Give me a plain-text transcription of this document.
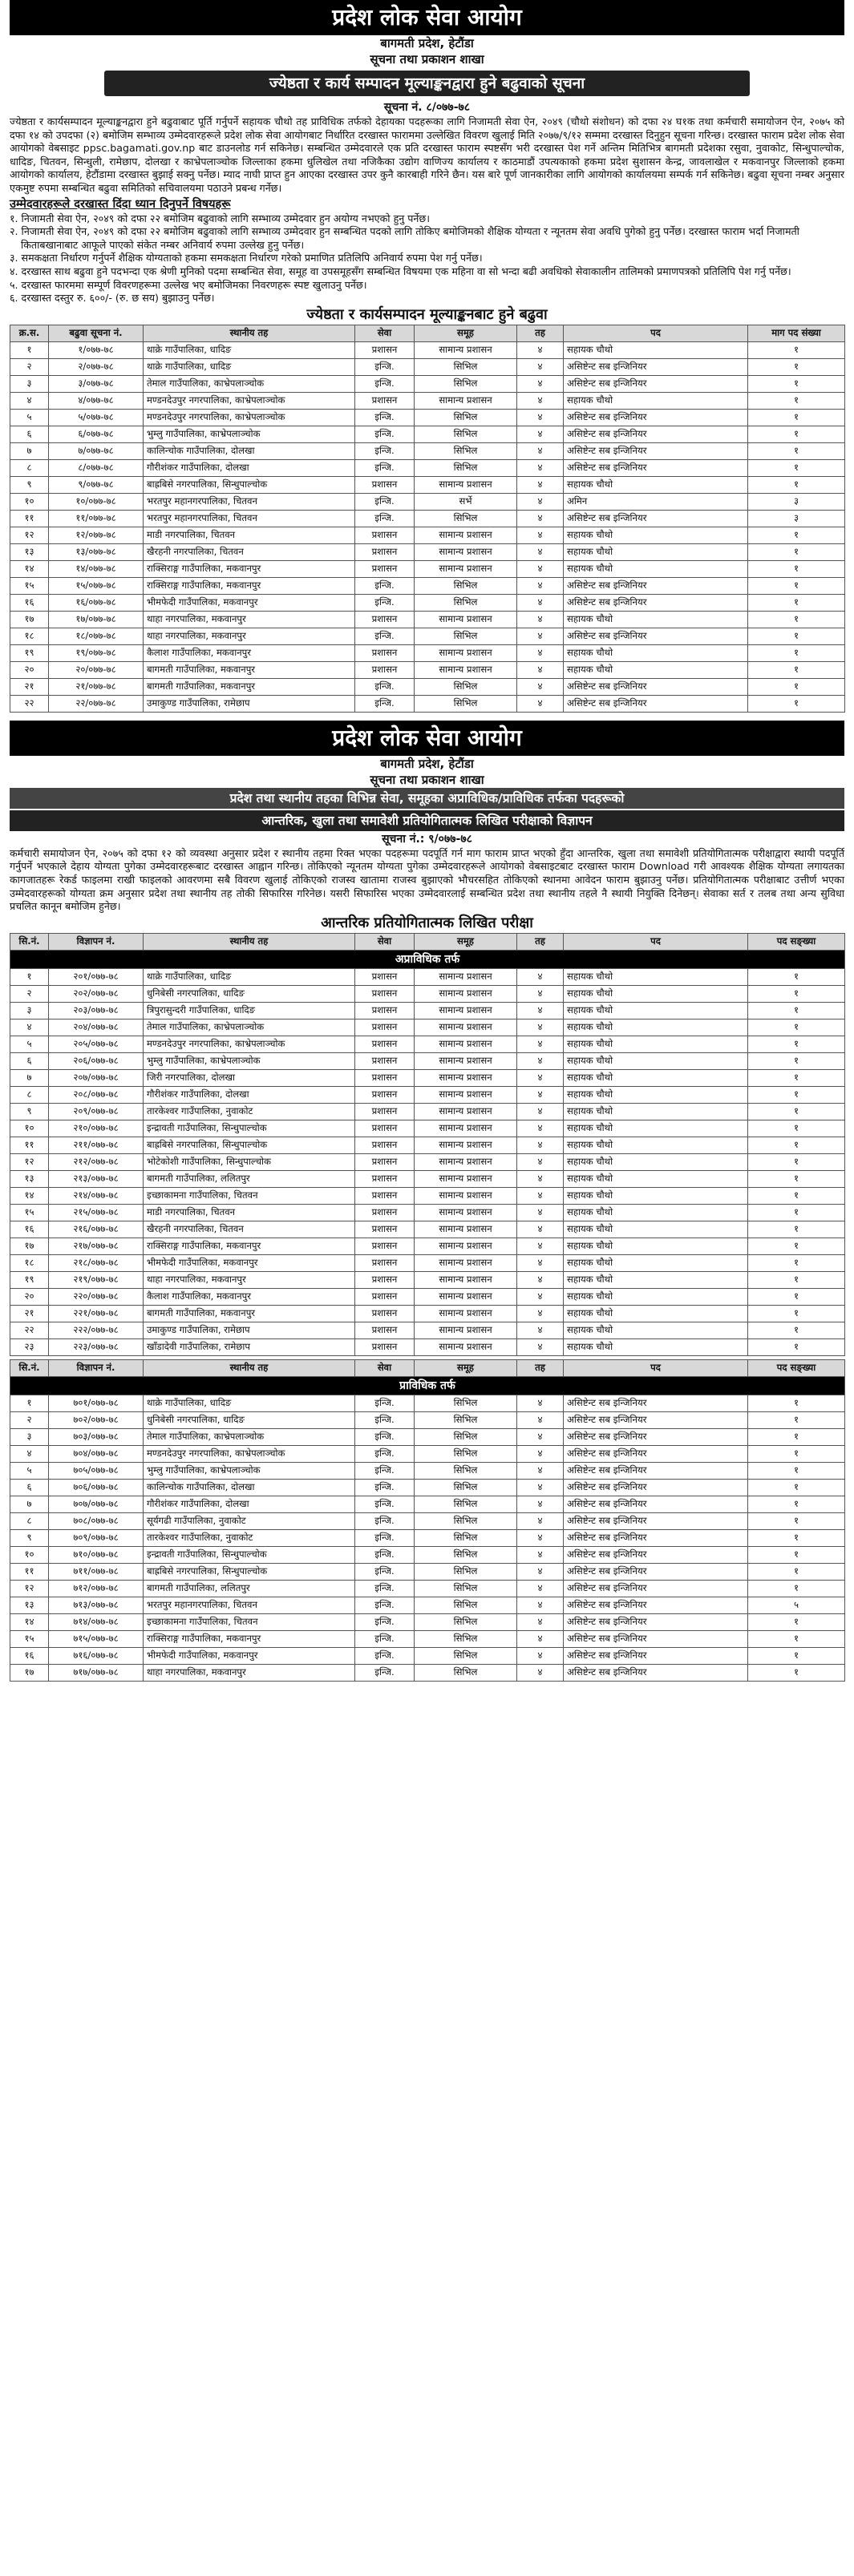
प्रदेश लोक सेवा आयोग
बागमती प्रदेश, हेटौंडा
सूचना तथा प्रकाशन शाखा
ज्येष्ठता र कार्य सम्पादन मूल्याङ्कनद्वारा हुने बढुवाको सूचना
सूचना नं. ८/०७७-७८
ज्येष्ठता र कार्यसम्पादन मूल्याङ्कनद्वारा हुने बढुवाबाट पूर्ति गर्नुपर्ने सहायक चौथो तह प्राविधिक तर्फको देहायका पदहरूका लागि निजामती सेवा ऐन, २०४९ (चौथो संशोधन) को दफा २४ घ१क तथा कर्मचारी समायोजन ऐन, २०७५ को दफा १४ को उपदफा (२) बमोजिम सम्भाव्य उम्मेदवारहरूले प्रदेश लोक सेवा आयोगबाट निर्धारित दरखास्त फाराममा उल्लेखित विवरण खुलाई मिति २०७७/९/१२ सम्ममा दरखास्त दिनुहुन सूचना गरिन्छ। दरखास्त फाराम प्रदेश लोक सेवा आयोगको वेबसाइट ppsc.bagamati.gov.np बाट डाउनलोड गर्न सकिनेछ। सम्बन्धित उम्मेदवारले एक प्रति दरखास्त फाराम स्पष्टसँग भरी दरखास्त पेश गर्ने अन्तिम मितिभित्र बागमती प्रदेशका रसुवा, नुवाकोट, सिन्धुपाल्चोक, धादिङ, चितवन, सिन्धुली, रामेछाप, दोलखा र काभ्रेपलाञ्चोक जिल्लाका हकमा धुलिखेल तथा नजिकैका उद्योग वाणिज्य कार्यालय र काठमाडौं उपत्यकाको हकमा प्रदेश सुशासन केन्द्र, जावलाखेल र मकवानपुर जिल्लाको हकमा आयोगको कार्यालय, हेटौंडामा दरखास्त बुझाई सक्नु पर्नेछ। म्याद नाघी प्राप्त हुन आएका दरखास्त उपर कुनै कारबाही गरिने छैन। यस बारे पूर्ण जानकारीका लागि आयोगको कार्यालयमा सम्पर्क गर्न सकिनेछ। बढुवा सूचना नम्बर अनुसार एकमुष्ट रुपमा सम्बन्धित बढुवा समितिको सचिवालयमा पठाउने प्रबन्ध गर्नेछ।
उम्मेदवारहरूले दरखास्त दिंदा ध्यान दिनुपर्ने विषयहरू
१. निजामती सेवा ऐन, २०४९ को दफा २२ बमोजिम बढुवाको लागि सम्भाव्य उम्मेदवार हुन अयोग्य नभएको हुनु पर्नेछ।
२. निजामती सेवा ऐन, २०४९ को दफा २२ बमोजिम बढुवाको लागि सम्भाव्य उम्मेदवार हुन सम्बन्धित पदको लागि तोकिए बमोजिमको शैक्षिक योग्यता र न्यूनतम सेवा अवधि पुगेको हुनु पर्नेछ। दरखास्त फाराम भर्दा निजामती किताबखानाबाट आफूले पाएको संकेत नम्बर अनिवार्य रुपमा उल्लेख हुनु पर्नेछ।
३. समकक्षता निर्धारण गर्नुपर्ने शैक्षिक योग्यताको हकमा समकक्षता निर्धारण गरेको प्रमाणित प्रतिलिपि अनिवार्य रुपमा पेश गर्नु पर्नेछ।
४. दरखास्त साथ बढुवा हुने पदभन्दा एक श्रेणी मुनिको पदमा सम्बन्धित सेवा, समूह वा उपसमूहसँग सम्बन्धित विषयमा एक महिना वा सो भन्दा बढी अवधिको सेवाकालीन तालिमको प्रमाणपत्रको प्रतिलिपि पेश गर्नु पर्नेछ।
५. दरखास्त फारममा सम्पूर्ण विवरणहरूमा उल्लेख भए बमोजिमका निवरणहरू स्पष्ट खुलाउनु पर्नेछ।
६. दरखास्त दस्तुर रु. ६००/- (रु. छ सय) बुझाउनु पर्नेछ।
ज्येष्ठता र कार्यसम्पादन मूल्याङ्कनबाट हुने बढुवा
क्र.स.	बढुवा सूचना नं.	स्थानीय तह	सेवा	समूह	तह	पद	माग पद संख्या
१	१/०७७-७८	थाक्रे गाउँपालिका, धादिङ	प्रशासन	सामान्य प्रशासन	४	सहायक चौथो	१
२	२/०७७-७८	थाक्रे गाउँपालिका, धादिङ	इन्जि.	सिभिल	४	असिष्टेन्ट सब इन्जिनियर	१
३	३/०७७-७८	तेमाल गाउँपालिका, काभ्रेपलाञ्चोक	इन्जि.	सिभिल	४	असिष्टेन्ट सब इन्जिनियर	१
४	४/०७७-७८	मण्डनदेउपुर नगरपालिका, काभ्रेपलाञ्चोक	प्रशासन	सामान्य प्रशासन	४	सहायक चौथो	१
५	५/०७७-७८	मण्डनदेउपुर नगरपालिका, काभ्रेपलाञ्चोक	इन्जि.	सिभिल	४	असिष्टेन्ट सब इन्जिनियर	१
६	६/०७७-७८	भुम्लु गाउँपालिका, काभ्रेपलाञ्चोक	इन्जि.	सिभिल	४	असिष्टेन्ट सब इन्जिनियर	१
७	७/०७७-७८	कालिन्चोक गाउँपालिका, दोलखा	इन्जि.	सिभिल	४	असिष्टेन्ट सब इन्जिनियर	१
८	८/०७७-७८	गौरीशंकर गाउँपालिका, दोलखा	इन्जि.	सिभिल	४	असिष्टेन्ट सब इन्जिनियर	१
९	९/०७७-७८	बाह्रबिसे नगरपालिका, सिन्धुपाल्चोक	प्रशासन	सामान्य प्रशासन	४	सहायक चौथो	१
१०	१०/०७७-७८	भरतपुर महानगरपालिका, चितवन	इन्जि.	सर्भे	४	अमिन	३
११	११/०७७-७८	भरतपुर महानगरपालिका, चितवन	इन्जि.	सिभिल	४	असिष्टेन्ट सब इन्जिनियर	३
१२	१२/०७७-७८	माडी नगरपालिका, चितवन	प्रशासन	सामान्य प्रशासन	४	सहायक चौथो	१
१३	१३/०७७-७८	खैरहनी नगरपालिका, चितवन	प्रशासन	सामान्य प्रशासन	४	सहायक चौथो	१
१४	१४/०७७-७८	राक्सिराङ्ग गाउँपालिका, मकवानपुर	प्रशासन	सामान्य प्रशासन	४	सहायक चौथो	१
१५	१५/०७७-७८	राक्सिराङ्ग गाउँपालिका, मकवानपुर	इन्जि.	सिभिल	४	असिष्टेन्ट सब इन्जिनियर	१
१६	१६/०७७-७८	भीमफेदी गाउँपालिका, मकवानपुर	इन्जि.	सिभिल	४	असिष्टेन्ट सब इन्जिनियर	१
१७	१७/०७७-७८	थाहा नगरपालिका, मकवानपुर	प्रशासन	सामान्य प्रशासन	४	सहायक चौथो	१
१८	१८/०७७-७८	थाहा नगरपालिका, मकवानपुर	इन्जि.	सिभिल	४	असिष्टेन्ट सब इन्जिनियर	१
१९	१९/०७७-७८	कैलाश गाउँपालिका, मकवानपुर	प्रशासन	सामान्य प्रशासन	४	सहायक चौथो	१
२०	२०/०७७-७८	बागमती गाउँपालिका, मकवानपुर	प्रशासन	सामान्य प्रशासन	४	सहायक चौथो	१
२१	२१/०७७-७८	बागमती गाउँपालिका, मकवानपुर	इन्जि.	सिभिल	४	असिष्टेन्ट सब इन्जिनियर	१
२२	२२/०७७-७८	उमाकुण्ड गाउँपालिका, रामेछाप	इन्जि.	सिभिल	४	असिष्टेन्ट सब इन्जिनियर	१
प्रदेश लोक सेवा आयोग
बागमती प्रदेश, हेटौंडा
सूचना तथा प्रकाशन शाखा
प्रदेश तथा स्थानीय तहका विभिन्न सेवा, समूहका अप्राविधिक/प्राविधिक तर्फका पदहरूको
आन्तरिक, खुला तथा समावेशी प्रतियोगितात्मक लिखित परीक्षाको विज्ञापन
सूचना नं.: ९/०७७-७८
कर्मचारी समायोजन ऐन, २०७५ को दफा १२ को व्यवस्था अनुसार प्रदेश र स्थानीय तहमा रिक्त भएका पदहरूमा पदपूर्ति गर्न माग फाराम प्राप्त भएको हुँदा आन्तरिक, खुला तथा समावेशी प्रतियोगितात्मक परीक्षाद्वारा स्थायी पदपूर्ति गर्नुपर्ने भएकाले देहाय योग्यता पुगेका उम्मेदवारहरूबाट दरखास्त आह्वान गरिन्छ। तोकिएको न्यूनतम योग्यता पुगेका उम्मेदवारहरूले आयोगको वेबसाइटबाट दरखास्त फाराम Download गरी आवश्यक शैक्षिक योग्यता लगायतका कागजातहरू रेकर्ड फाइलमा राखी फाइलको आवरणमा सबै विवरण खुलाई तोकिएको राजस्व खातामा राजस्व बुझाएको भौचरसहित तोकिएको स्थानमा आवेदन फाराम बुझाउनु पर्नेछ। प्रतियोगितात्मक परीक्षाबाट उत्तीर्ण भएका उम्मेदवारहरूको योग्यता क्रम अनुसार प्रदेश तथा स्थानीय तह तोकी सिफारिस गरिनेछ। यसरी सिफारिस भएका उम्मेदवारलाई सम्बन्धित प्रदेश तथा स्थानीय तहले नै स्थायी नियुक्ति दिनेछन्। सेवाका सर्त र तलब तथा अन्य सुविधा प्रचलित कानून बमोजिम हुनेछ।
आन्तरिक प्रतियोगितात्मक लिखित परीक्षा
सि.नं.	विज्ञापन नं.	स्थानीय तह	सेवा	समूह	तह	पद	पद सङ्ख्या
अप्राविधिक तर्फ							
१	२०१/०७७-७८	थाक्रे गाउँपालिका, धादिङ	प्रशासन	सामान्य प्रशासन	४	सहायक चौथो	१
२	२०२/०७७-७८	धुनिबेसी नगरपालिका, धादिङ	प्रशासन	सामान्य प्रशासन	४	सहायक चौथो	१
३	२०३/०७७-७८	त्रिपुरासुन्दरी गाउँपालिका, धादिङ	प्रशासन	सामान्य प्रशासन	४	सहायक चौथो	१
४	२०४/०७७-७८	तेमाल गाउँपालिका, काभ्रेपलाञ्चोक	प्रशासन	सामान्य प्रशासन	४	सहायक चौथो	१
५	२०५/०७७-७८	मण्डनदेउपुर नगरपालिका, काभ्रेपलाञ्चोक	प्रशासन	सामान्य प्रशासन	४	सहायक चौथो	१
६	२०६/०७७-७८	भुम्लु गाउँपालिका, काभ्रेपलाञ्चोक	प्रशासन	सामान्य प्रशासन	४	सहायक चौथो	१
७	२०७/०७७-७८	जिरी नगरपालिका, दोलखा	प्रशासन	सामान्य प्रशासन	४	सहायक चौथो	१
८	२०८/०७७-७८	गौरीशंकर गाउँपालिका, दोलखा	प्रशासन	सामान्य प्रशासन	४	सहायक चौथो	१
९	२०९/०७७-७८	तारकेश्वर गाउँपालिका, नुवाकोट	प्रशासन	सामान्य प्रशासन	४	सहायक चौथो	१
१०	२१०/०७७-७८	इन्द्रावती गाउँपालिका, सिन्धुपाल्चोक	प्रशासन	सामान्य प्रशासन	४	सहायक चौथो	१
११	२११/०७७-७८	बाह्रबिसे नगरपालिका, सिन्धुपाल्चोक	प्रशासन	सामान्य प्रशासन	४	सहायक चौथो	१
१२	२१२/०७७-७८	भोटेकोशी गाउँपालिका, सिन्धुपाल्चोक	प्रशासन	सामान्य प्रशासन	४	सहायक चौथो	१
१३	२१३/०७७-७८	बागमती गाउँपालिका, ललितपुर	प्रशासन	सामान्य प्रशासन	४	सहायक चौथो	१
१४	२१४/०७७-७८	इच्छाकामना गाउँपालिका, चितवन	प्रशासन	सामान्य प्रशासन	४	सहायक चौथो	१
१५	२१५/०७७-७८	माडी नगरपालिका, चितवन	प्रशासन	सामान्य प्रशासन	४	सहायक चौथो	१
१६	२१६/०७७-७८	खैरहनी नगरपालिका, चितवन	प्रशासन	सामान्य प्रशासन	४	सहायक चौथो	१
१७	२१७/०७७-७८	राक्सिराङ्ग गाउँपालिका, मकवानपुर	प्रशासन	सामान्य प्रशासन	४	सहायक चौथो	१
१८	२१८/०७७-७८	भीमफेदी गाउँपालिका, मकवानपुर	प्रशासन	सामान्य प्रशासन	४	सहायक चौथो	१
१९	२१९/०७७-७८	थाहा नगरपालिका, मकवानपुर	प्रशासन	सामान्य प्रशासन	४	सहायक चौथो	१
२०	२२०/०७७-७८	कैलाश गाउँपालिका, मकवानपुर	प्रशासन	सामान्य प्रशासन	४	सहायक चौथो	१
२१	२२१/०७७-७८	बागमती गाउँपालिका, मकवानपुर	प्रशासन	सामान्य प्रशासन	४	सहायक चौथो	१
२२	२२२/०७७-७८	उमाकुण्ड गाउँपालिका, रामेछाप	प्रशासन	सामान्य प्रशासन	४	सहायक चौथो	१
२३	२२३/०७७-७८	खाँडादेवी गाउँपालिका, रामेछाप	प्रशासन	सामान्य प्रशासन	४	सहायक चौथो	१
सि.नं.	विज्ञापन नं.	स्थानीय तह	सेवा	समूह	तह	पद	पद सङ्ख्या
प्राविधिक तर्फ							
१	७०१/०७७-७८	थाक्रे गाउँपालिका, धादिङ	इन्जि.	सिभिल	४	असिष्टेन्ट सब इन्जिनियर	१
२	७०२/०७७-७८	धुनिबेसी नगरपालिका, धादिङ	इन्जि.	सिभिल	४	असिष्टेन्ट सब इन्जिनियर	१
३	७०३/०७७-७८	तेमाल गाउँपालिका, काभ्रेपलाञ्चोक	इन्जि.	सिभिल	४	असिष्टेन्ट सब इन्जिनियर	१
४	७०४/०७७-७८	मण्डनदेउपुर नगरपालिका, काभ्रेपलाञ्चोक	इन्जि.	सिभिल	४	असिष्टेन्ट सब इन्जिनियर	१
५	७०५/०७७-७८	भुम्लु गाउँपालिका, काभ्रेपलाञ्चोक	इन्जि.	सिभिल	४	असिष्टेन्ट सब इन्जिनियर	१
६	७०६/०७७-७८	कालिन्चोक गाउँपालिका, दोलखा	इन्जि.	सिभिल	४	असिष्टेन्ट सब इन्जिनियर	१
७	७०७/०७७-७८	गौरीशंकर गाउँपालिका, दोलखा	इन्जि.	सिभिल	४	असिष्टेन्ट सब इन्जिनियर	१
८	७०८/०७७-७८	सूर्यगढी गाउँपालिका, नुवाकोट	इन्जि.	सिभिल	४	असिष्टेन्ट सब इन्जिनियर	१
९	७०९/०७७-७८	तारकेश्वर गाउँपालिका, नुवाकोट	इन्जि.	सिभिल	४	असिष्टेन्ट सब इन्जिनियर	१
१०	७१०/०७७-७८	इन्द्रावती गाउँपालिका, सिन्धुपाल्चोक	इन्जि.	सिभिल	४	असिष्टेन्ट सब इन्जिनियर	१
११	७११/०७७-७८	बाह्रबिसे नगरपालिका, सिन्धुपाल्चोक	इन्जि.	सिभिल	४	असिष्टेन्ट सब इन्जिनियर	१
१२	७१२/०७७-७८	बागमती गाउँपालिका, ललितपुर	इन्जि.	सिभिल	४	असिष्टेन्ट सब इन्जिनियर	१
१३	७१३/०७७-७८	भरतपुर महानगरपालिका, चितवन	इन्जि.	सिभिल	४	असिष्टेन्ट सब इन्जिनियर	५
१४	७१४/०७७-७८	इच्छाकामना गाउँपालिका, चितवन	इन्जि.	सिभिल	४	असिष्टेन्ट सब इन्जिनियर	१
१५	७१५/०७७-७८	राक्सिराङ्ग गाउँपालिका, मकवानपुर	इन्जि.	सिभिल	४	असिष्टेन्ट सब इन्जिनियर	१
१६	७१६/०७७-७८	भीमफेदी गाउँपालिका, मकवानपुर	इन्जि.	सिभिल	४	असिष्टेन्ट सब इन्जिनियर	१
१७	७१७/०७७-७८	थाहा नगरपालिका, मकवानपुर	इन्जि.	सिभिल	४	असिष्टेन्ट सब इन्जिनियर	१
